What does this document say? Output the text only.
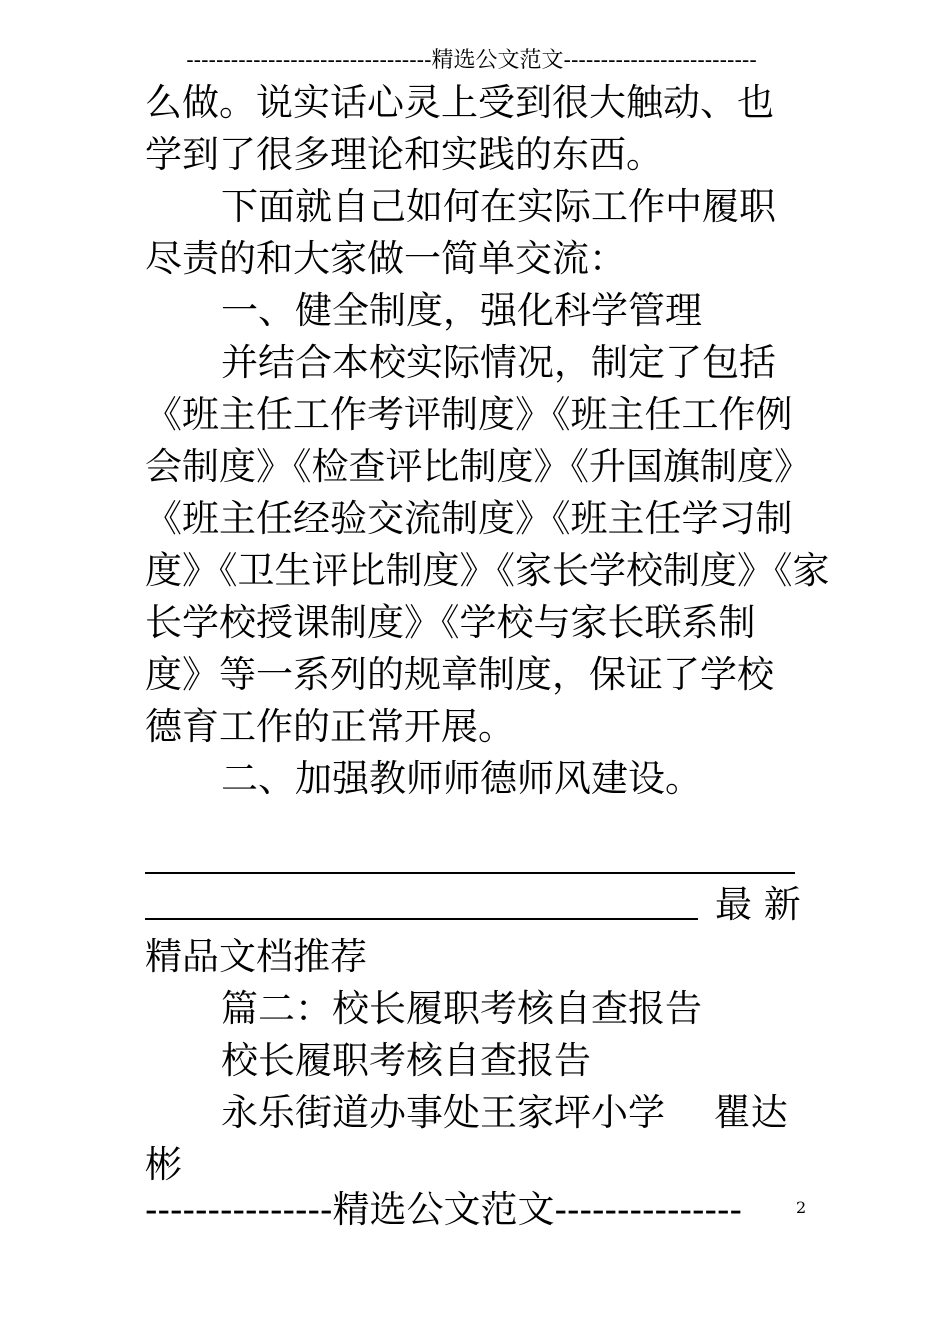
---------------------------------精选公文范文--------------------------
么做。说实话心灵上受到很大触动、也
学到了很多理论和实践的东西。
下面就自己如何在实际工作中履职
尽责的和大家做一简单交流：
一、健全制度，强化科学管理
并结合本校实际情况，制定了包括
《班主任工作考评制度》《班主任工作例
会制度》《检查评比制度》《升国旗制度》
《班主任经验交流制度》《班主任学习制
度》《卫生评比制度》《家长学校制度》《家
长学校授课制度》《学校与家长联系制
度》等一系列的规章制度，保证了学校
德育工作的正常开展。
二、加强教师师德师风建设。
最 新
精品文档推荐
篇二：校长履职考核自查报告
校长履职考核自查报告
永乐街道办事处王家坪小学　 瞿达
彬
---------------精选公文范文---------------	2
